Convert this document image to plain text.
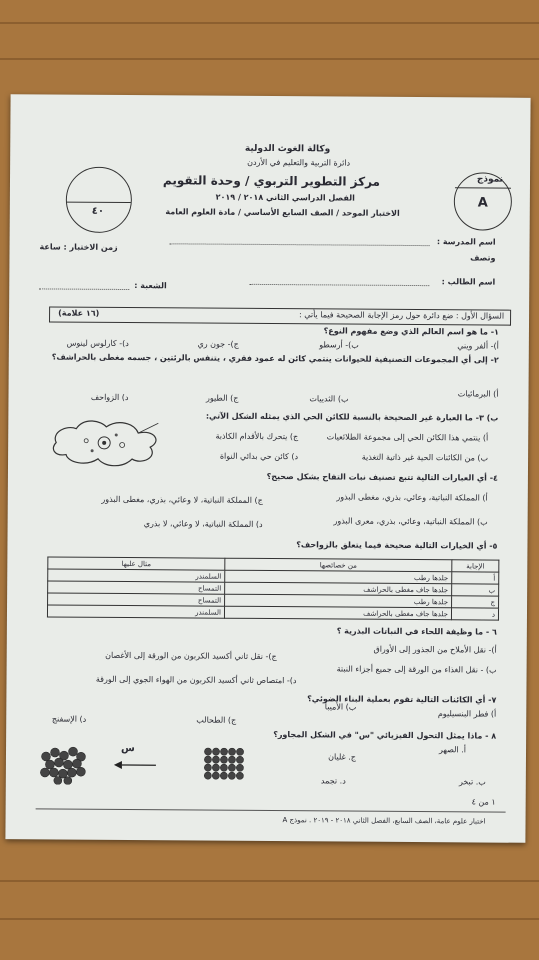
وكالة الغوث الدولية
دائرة التربية والتعليم في الأردن
مركز التطوير التربوي / وحدة التقويم
الفصل الدراسي الثاني ٢٠١٨ / ٢٠١٩
الاختبار الموحد / الصف السابع الأساسي / مادة العلوم العامة
نموذج
A
٤٠
اسم المدرسة :
وتصف
زمن الاختبار : ساعة
اسم الطالب :
الشعبة :
السؤال الأول : ضع دائرة حول رمز الإجابة الصحيحة فيما يأتي :
(١٦ علامة)
١- ما هو اسم العالم الذي وضع مفهوم النوع؟
أ)- ألفر ويني
ب)- أرسطو
ج)- جون ري
د)- كارلوس لينوس
٢- إلى أي المجموعات التصنيفية للحيوانات ينتمي كائن له عمود فقري ، يتنفس بالرئتين ، جسمه مغطى بالحراشف؟
أ) البرمائيات
ب) الثدييات
ج) الطيور
د) الزواحف
ب) ٣- ما العبارة غير الصحيحة بالنسبة للكائن الحي الذي يمثله الشكل الآتي:
أ) ينتمي هذا الكائن الحي إلى مجموعة الطلائعيات
ب) من الكائنات الحية غير ذاتية التغذية
ج) يتحرك بالأقدام الكاذبة
د) كائن حي بدائي النواة
٤- أي العبارات التالية تتبع تصنيف نبات التفاح بشكل صحيح؟
أ) المملكة النباتية، وعائي، بذري، مغطى البذور
ب) المملكة النباتية، وعائي، بذري، معرى البذور
ج) المملكة النباتية، لا وعائي، بذري، مغطى البذور
د) المملكة النباتية، لا وعائي، لا بذري
٥- أي الخيارات التالية صحيحة فيما يتعلق بالزواحف؟
الإجابة	من خصائصها	مثال عليها
أ	جلدها رطب	السلمندر
ب	جلدها جاف مغطى بالحراشف	التمساح
ج	جلدها رطب	التمساح
د	جلدها جاف مغطى بالحراشف	السلمندر
٦ - ما وظيفة اللحاء في النباتات البذرية ؟
أ)- نقل الأملاح من الجذور إلى الأوراق
ب) - نقل الغذاء من الورقة إلى جميع أجزاء النبتة
ج)- نقل ثاني أكسيد الكربون من الورقة إلى الأغصان
د)- امتصاص ثاني أكسيد الكربون من الهواء الجوي إلى الورقة
٧- أي الكائنات التالية تقوم بعملية البناء الضوئي؟
أ) فطر البنسيليوم
ب) الأميبا
ج) الطحالب
د) الإسفنج
٨ - ماذا يمثل التحول الفيزيائي "س" في الشكل المجاور؟
أ. الصهر
ب. تبخر
ج. غليان
د. تجمد
س
١ من ٤
اختبار علوم عامة، الصف السابع، الفصل الثاني ٢٠١٨ - ٢٠١٩ . نموذج A
